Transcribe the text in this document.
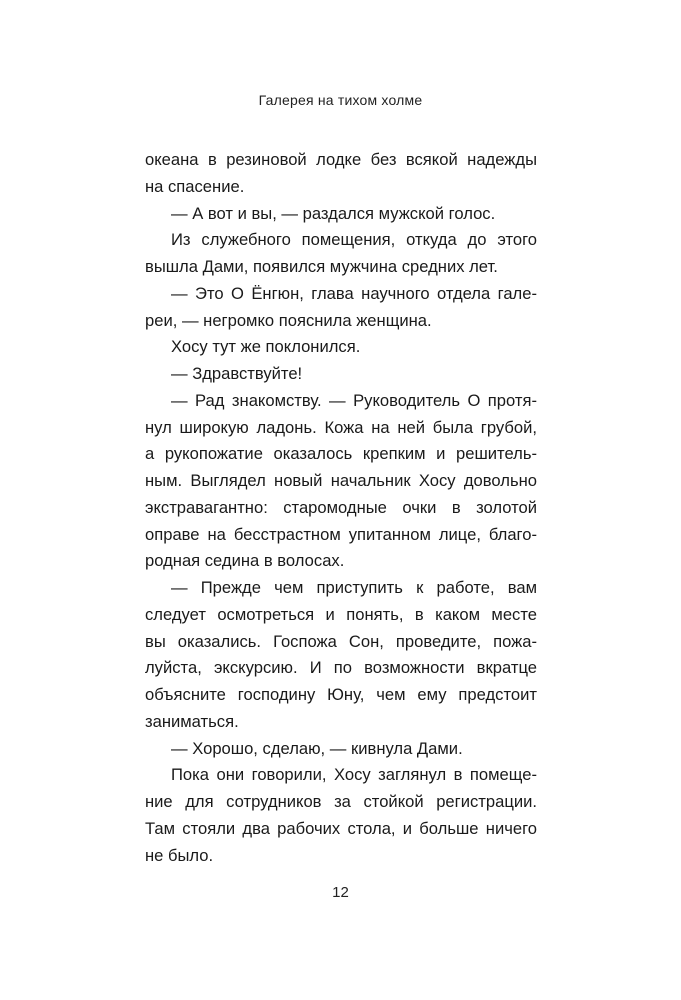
Галерея на тихом холме
океана в резиновой лодке без всякой надежды
на спасение.
— А вот и вы, — раздался мужской голос.
Из служебного помещения, откуда до этого
вышла Дами, появился мужчина средних лет.
— Это О Ёнгюн, глава научного отдела гале-
реи, — негромко пояснила женщина.
Хосу тут же поклонился.
— Здравствуйте!
— Рад знакомству. — Руководитель О протя-
нул широкую ладонь. Кожа на ней была грубой,
а рукопожатие оказалось крепким и решитель-
ным. Выглядел новый начальник Хосу довольно
экстравагантно: старомодные очки в золотой
оправе на бесстрастном упитанном лице, благо-
родная седина в волосах.
— Прежде чем приступить к работе, вам
следует осмотреться и понять, в каком месте
вы оказались. Госпожа Сон, проведите, пожа-
луйста, экскурсию. И по возможности вкратце
объясните господину Юну, чем ему предстоит
заниматься.
— Хорошо, сделаю, — кивнула Дами.
Пока они говорили, Хосу заглянул в помеще-
ние для сотрудников за стойкой регистрации.
Там стояли два рабочих стола, и больше ничего
не было.
12
